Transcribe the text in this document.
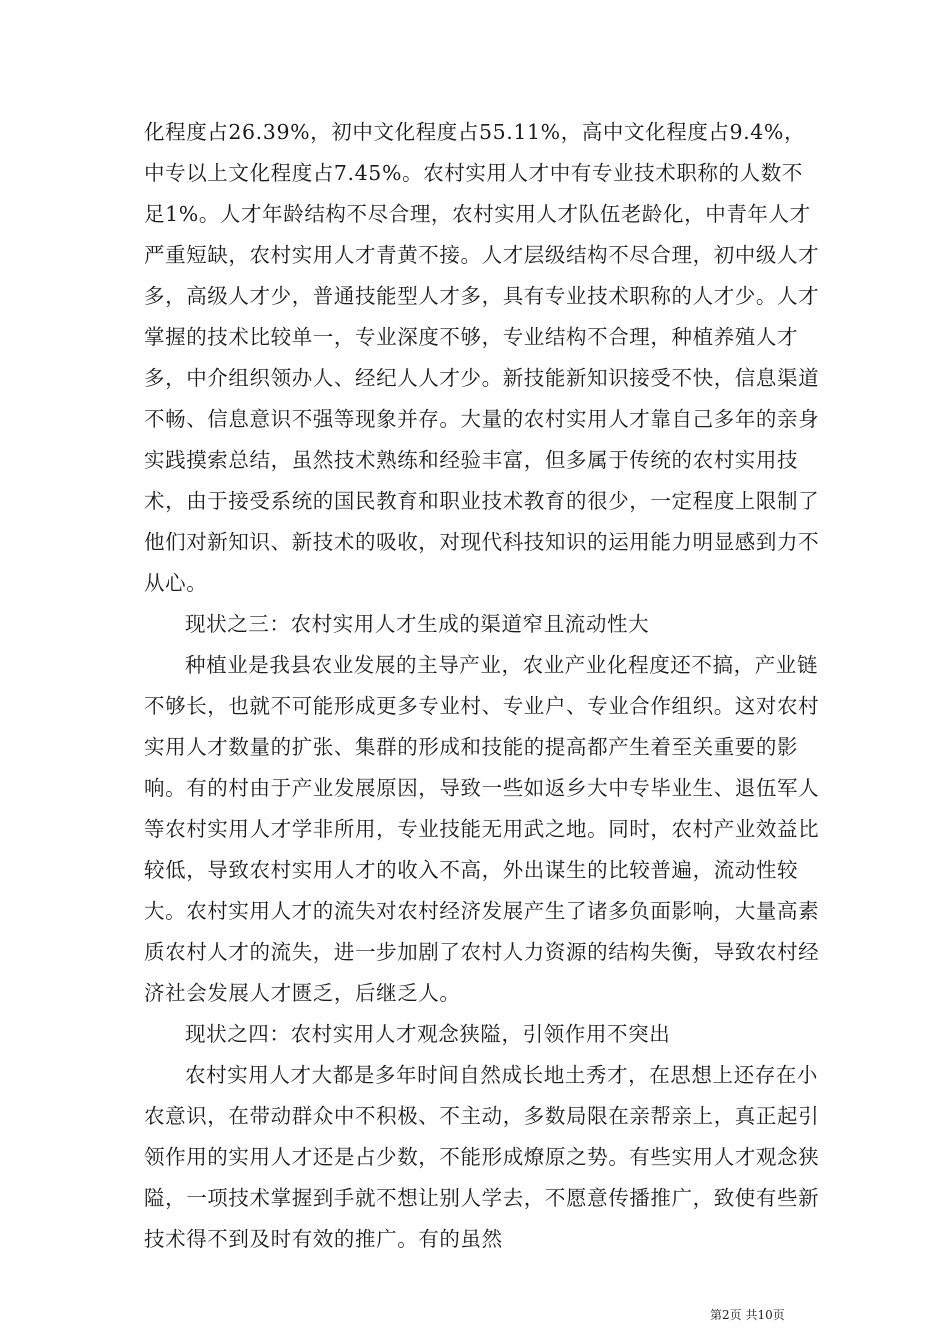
化程度占26.39%，初中文化程度占55.11%，高中文化程度占9.4%，中专以上文化程度占7.45%。农村实用人才中有专业技术职称的人数不足1%。人才年龄结构不尽合理，农村实用人才队伍老龄化，中青年人才严重短缺，农村实用人才青黄不接。人才层级结构不尽合理，初中级人才多，高级人才少，普通技能型人才多，具有专业技术职称的人才少。人才掌握的技术比较单一，专业深度不够，专业结构不合理，种植养殖人才多，中介组织领办人、经纪人人才少。新技能新知识接受不快，信息渠道不畅、信息意识不强等现象并存。大量的农村实用人才靠自己多年的亲身实践摸索总结，虽然技术熟练和经验丰富，但多属于传统的农村实用技术，由于接受系统的国民教育和职业技术教育的很少，一定程度上限制了他们对新知识、新技术的吸收，对现代科技知识的运用能力明显感到力不从心。

现状之三：农村实用人才生成的渠道窄且流动性大

种植业是我县农业发展的主导产业，农业产业化程度还不搞，产业链不够长，也就不可能形成更多专业村、专业户、专业合作组织。这对农村实用人才数量的扩张、集群的形成和技能的提高都产生着至关重要的影响。有的村由于产业发展原因，导致一些如返乡大中专毕业生、退伍军人等农村实用人才学非所用，专业技能无用武之地。同时，农村产业效益比较低，导致农村实用人才的收入不高，外出谋生的比较普遍，流动性较大。农村实用人才的流失对农村经济发展产生了诸多负面影响，大量高素质农村人才的流失，进一步加剧了农村人力资源的结构失衡，导致农村经济社会发展人才匮乏，后继乏人。

现状之四：农村实用人才观念狭隘，引领作用不突出

农村实用人才大都是多年时间自然成长地土秀才，在思想上还存在小农意识，在带动群众中不积极、不主动，多数局限在亲帮亲上，真正起引领作用的实用人才还是占少数，不能形成燎原之势。有些实用人才观念狭隘，一项技术掌握到手就不想让别人学去，不愿意传播推广，致使有些新技术得不到及时有效的推广。有的虽然

第2页 共10页
